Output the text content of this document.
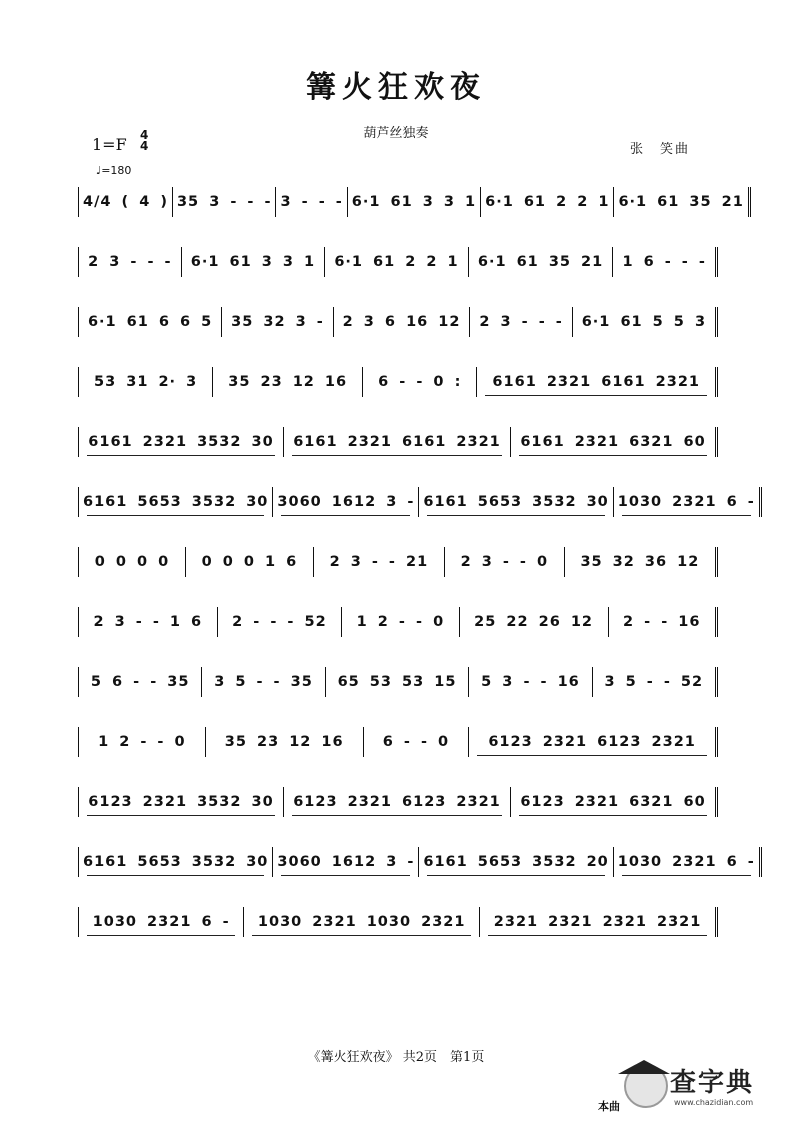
篝火狂欢夜
葫芦丝独奏
张　笑曲
1=F 4
4
♩=180
4/4 ( 4 ) 35 3 - - - 3 - - - 6·1 61 3 3 1 6·1 61 2 2 1 6·1 61 35 21
2 3 - - - 6·1 61 3 3 1 6·1 61 2 2 1 6·1 61 35 21 1 6 - - -
6·1 61 6 6 5 35 32 3 - 2 3 6 16 12 2 3 - - - 6·1 61 5 5 3
53 31 2· 3 35 23 12 16 6 - - 0 : 6161 2321 6161 2321
6161 2321 3532 30 6161 2321 6161 2321 6161 2321 6321 60
6161 5653 3532 30 3060 1612 3 - 6161 5653 3532 30 1030 2321 6 -
0 0 0 0 0 0 0 1 6 2 3 - - 21 2 3 - - 0 35 32 36 12
2 3 - - 1 6 2 - - - 52 1 2 - - 0 25 22 26 12 2 - - 16
5 6 - - 35 3 5 - - 35 65 53 53 15 5 3 - - 16 3 5 - - 52
1 2 - - 0	35 23 12 16	6 - - 0	6123 2321 6123 2321
6123 2321 3532 30 6123 2321 6123 2321 6123 2321 6321 60
6161 5653 3532 30 3060 1612 3 - 6161 5653 3532 20 1030 2321 6 -
1030 2321 6 - 1030 2321 1030 2321 2321 2321 2321 2321
《篝火狂欢夜》 共2页　第1页
本曲
查字典
www.chazidian.com
